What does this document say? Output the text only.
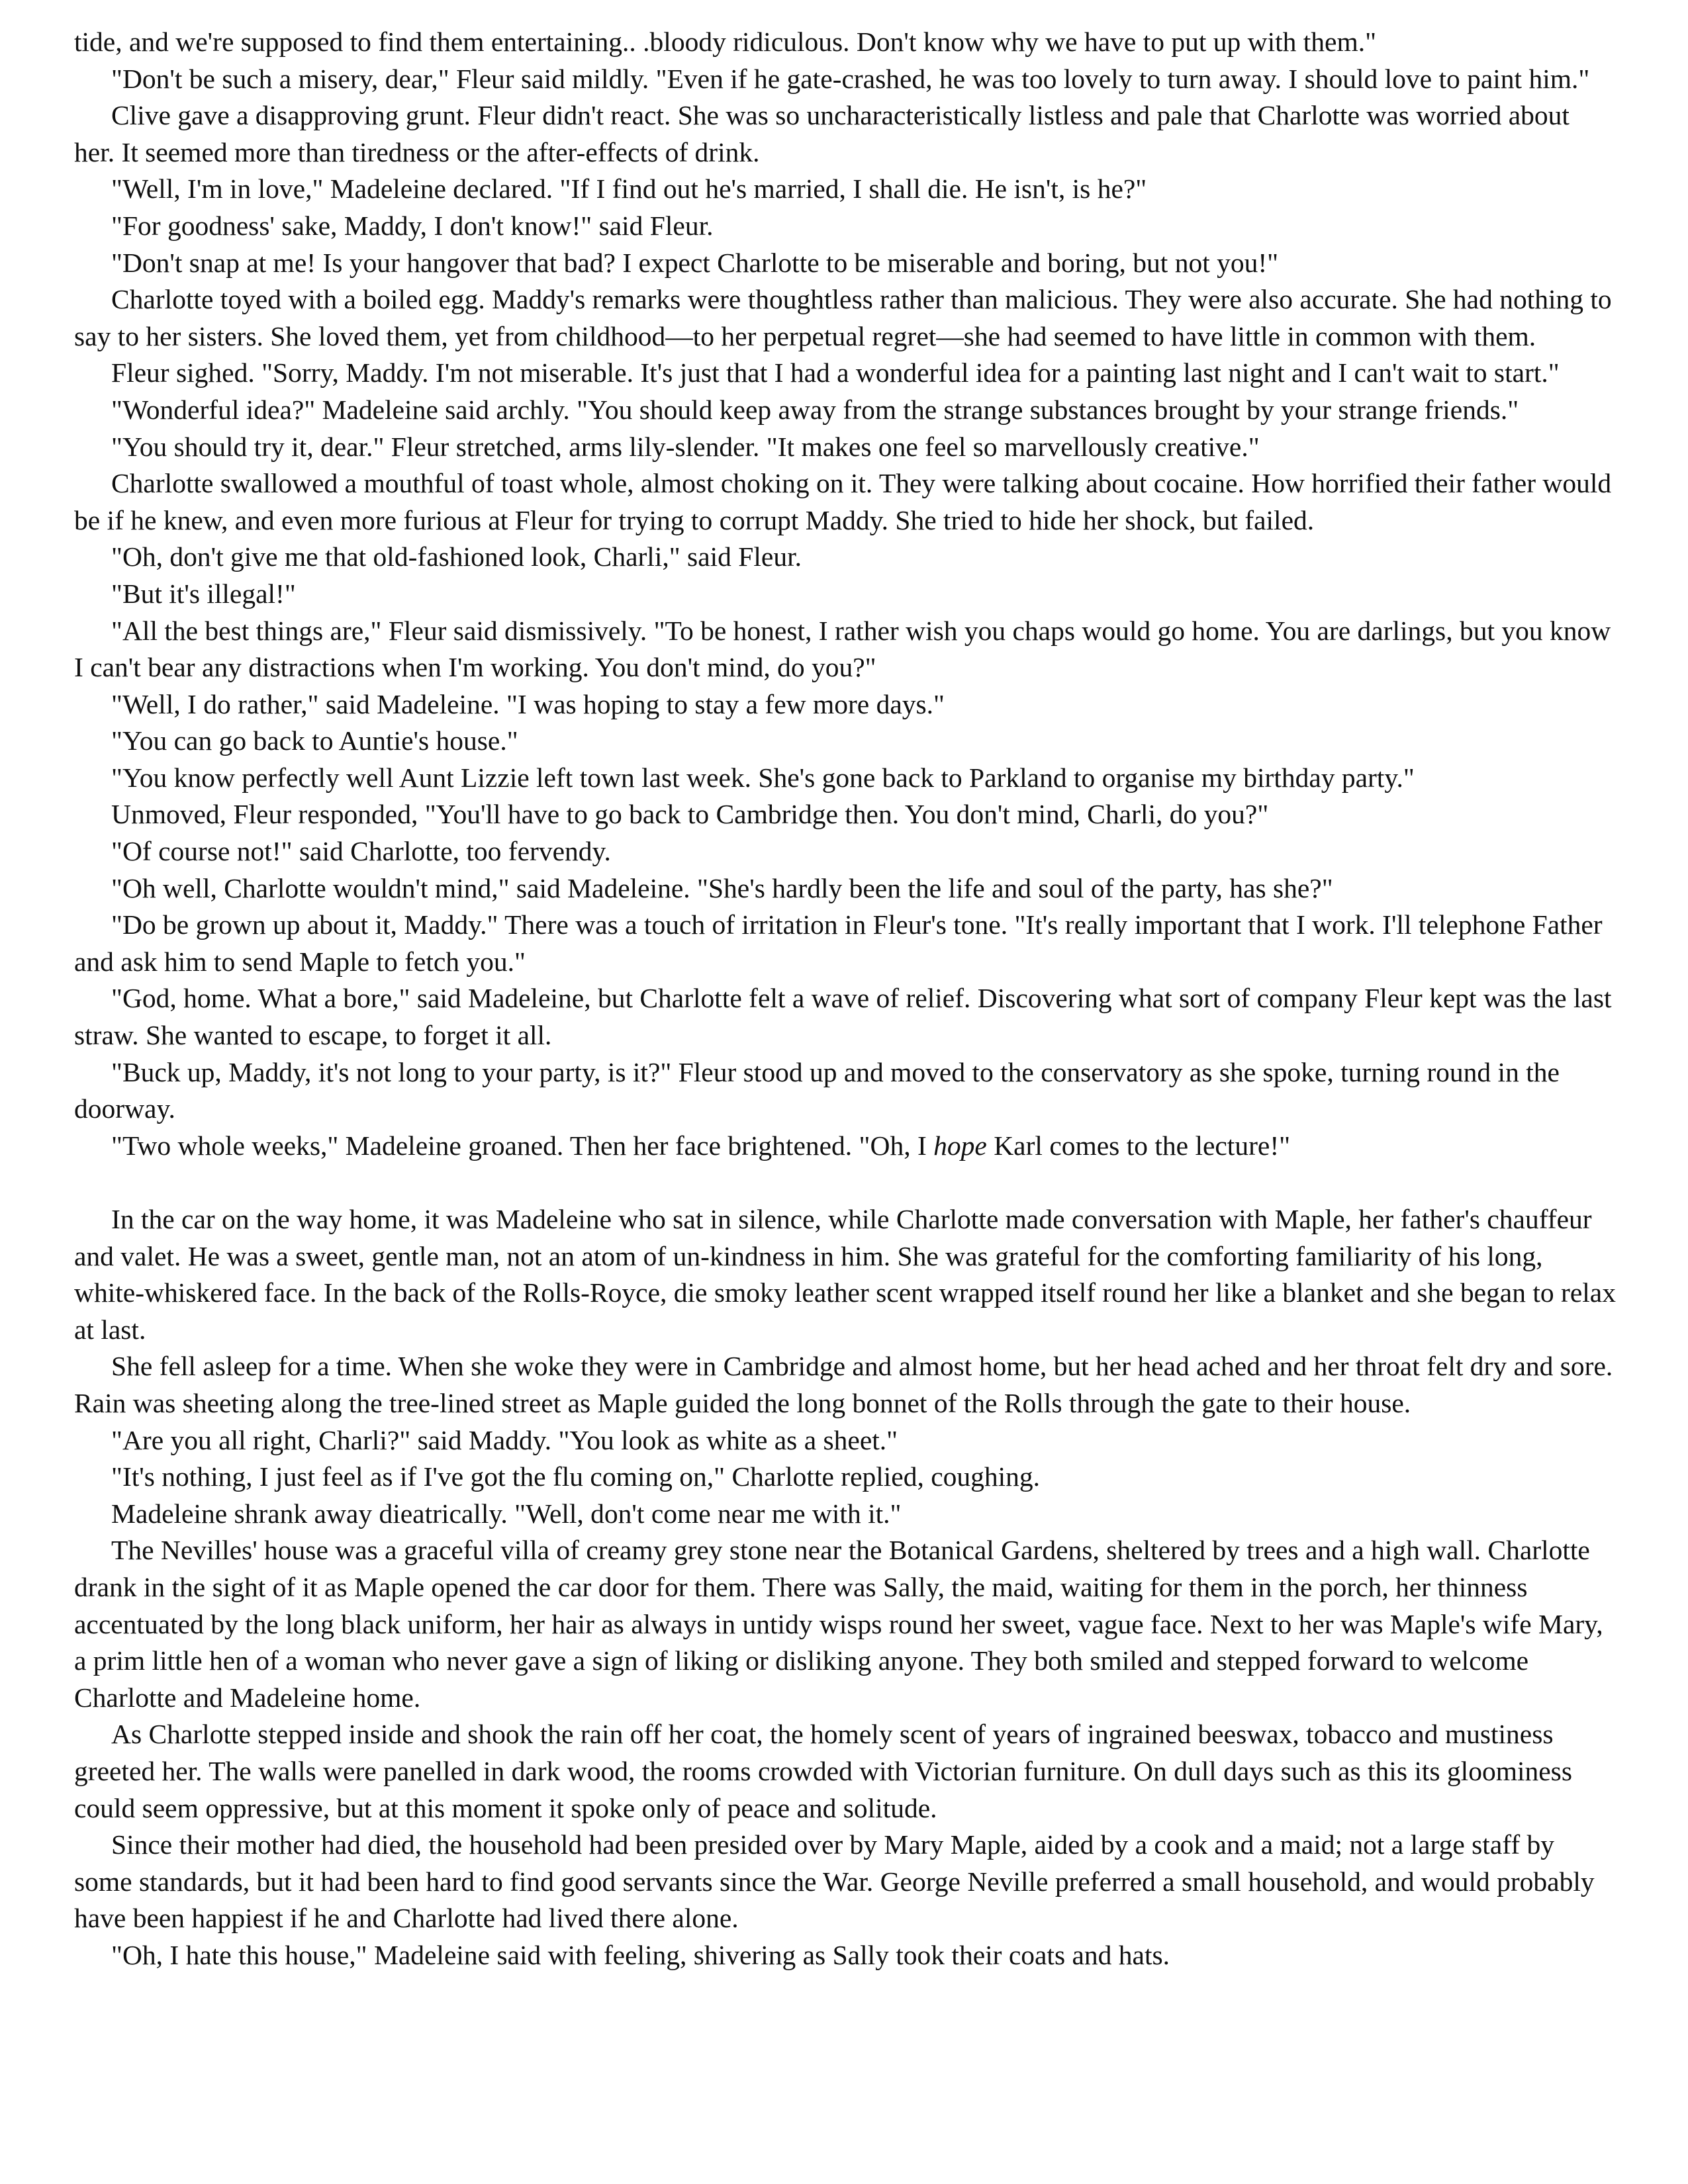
tide, and we're supposed to find them entertaining.. .bloody ridiculous. Don't know why we have to put up with them."

"Don't be such a misery, dear," Fleur said mildly. "Even if he gate-crashed, he was too lovely to turn away. I should love to paint him."

Clive gave a disapproving grunt. Fleur didn't react. She was so uncharacteristically listless and pale that Charlotte was worried about her. It seemed more than tiredness or the after-effects of drink.

"Well, I'm in love," Madeleine declared. "If I find out he's married, I shall die. He isn't, is he?"

"For goodness' sake, Maddy, I don't know!" said Fleur.

"Don't snap at me! Is your hangover that bad? I expect Charlotte to be miserable and boring, but not you!"

Charlotte toyed with a boiled egg. Maddy's remarks were thoughtless rather than malicious. They were also accurate. She had nothing to say to her sisters. She loved them, yet from childhood—to her perpetual regret—she had seemed to have little in common with them.

Fleur sighed. "Sorry, Maddy. I'm not miserable. It's just that I had a wonderful idea for a painting last night and I can't wait to start."

"Wonderful idea?" Madeleine said archly. "You should keep away from the strange substances brought by your strange friends."

"You should try it, dear." Fleur stretched, arms lily-slender. "It makes one feel so marvellously creative."

Charlotte swallowed a mouthful of toast whole, almost choking on it. They were talking about cocaine. How horrified their father would be if he knew, and even more furious at Fleur for trying to corrupt Maddy. She tried to hide her shock, but failed.

"Oh, don't give me that old-fashioned look, Charli," said Fleur.

"But it's illegal!"

"All the best things are," Fleur said dismissively. "To be honest, I rather wish you chaps would go home. You are darlings, but you know I can't bear any distractions when I'm working. You don't mind, do you?"

"Well, I do rather," said Madeleine. "I was hoping to stay a few more days."

"You can go back to Auntie's house."

"You know perfectly well Aunt Lizzie left town last week. She's gone back to Parkland to organise my birthday party."

Unmoved, Fleur responded, "You'll have to go back to Cambridge then. You don't mind, Charli, do you?"

"Of course not!" said Charlotte, too fervendy.

"Oh well, Charlotte wouldn't mind," said Madeleine. "She's hardly been the life and soul of the party, has she?"

"Do be grown up about it, Maddy." There was a touch of irritation in Fleur's tone. "It's really important that I work. I'll telephone Father and ask him to send Maple to fetch you."

"God, home. What a bore," said Madeleine, but Charlotte felt a wave of relief. Discovering what sort of company Fleur kept was the last straw. She wanted to escape, to forget it all.

"Buck up, Maddy, it's not long to your party, is it?" Fleur stood up and moved to the conservatory as she spoke, turning round in the doorway.

"Two whole weeks," Madeleine groaned. Then her face brightened. "Oh, I hope Karl comes to the lecture!"

In the car on the way home, it was Madeleine who sat in silence, while Charlotte made conversation with Maple, her father's chauffeur and valet. He was a sweet, gentle man, not an atom of un-kindness in him. She was grateful for the comforting familiarity of his long, white-whiskered face. In the back of the Rolls-Royce, die smoky leather scent wrapped itself round her like a blanket and she began to relax at last.

She fell asleep for a time. When she woke they were in Cambridge and almost home, but her head ached and her throat felt dry and sore. Rain was sheeting along the tree-lined street as Maple guided the long bonnet of the Rolls through the gate to their house.

"Are you all right, Charli?" said Maddy. "You look as white as a sheet."

"It's nothing, I just feel as if I've got the flu coming on," Charlotte replied, coughing.

Madeleine shrank away dieatrically. "Well, don't come near me with it."

The Nevilles' house was a graceful villa of creamy grey stone near the Botanical Gardens, sheltered by trees and a high wall. Charlotte drank in the sight of it as Maple opened the car door for them. There was Sally, the maid, waiting for them in the porch, her thinness accentuated by the long black uniform, her hair as always in untidy wisps round her sweet, vague face. Next to her was Maple's wife Mary, a prim little hen of a woman who never gave a sign of liking or disliking anyone. They both smiled and stepped forward to welcome Charlotte and Madeleine home.

As Charlotte stepped inside and shook the rain off her coat, the homely scent of years of ingrained beeswax, tobacco and mustiness greeted her. The walls were panelled in dark wood, the rooms crowded with Victorian furniture. On dull days such as this its gloominess could seem oppressive, but at this moment it spoke only of peace and solitude.

Since their mother had died, the household had been presided over by Mary Maple, aided by a cook and a maid; not a large staff by some standards, but it had been hard to find good servants since the War. George Neville preferred a small household, and would probably have been happiest if he and Charlotte had lived there alone.

"Oh, I hate this house," Madeleine said with feeling, shivering as Sally took their coats and hats.
